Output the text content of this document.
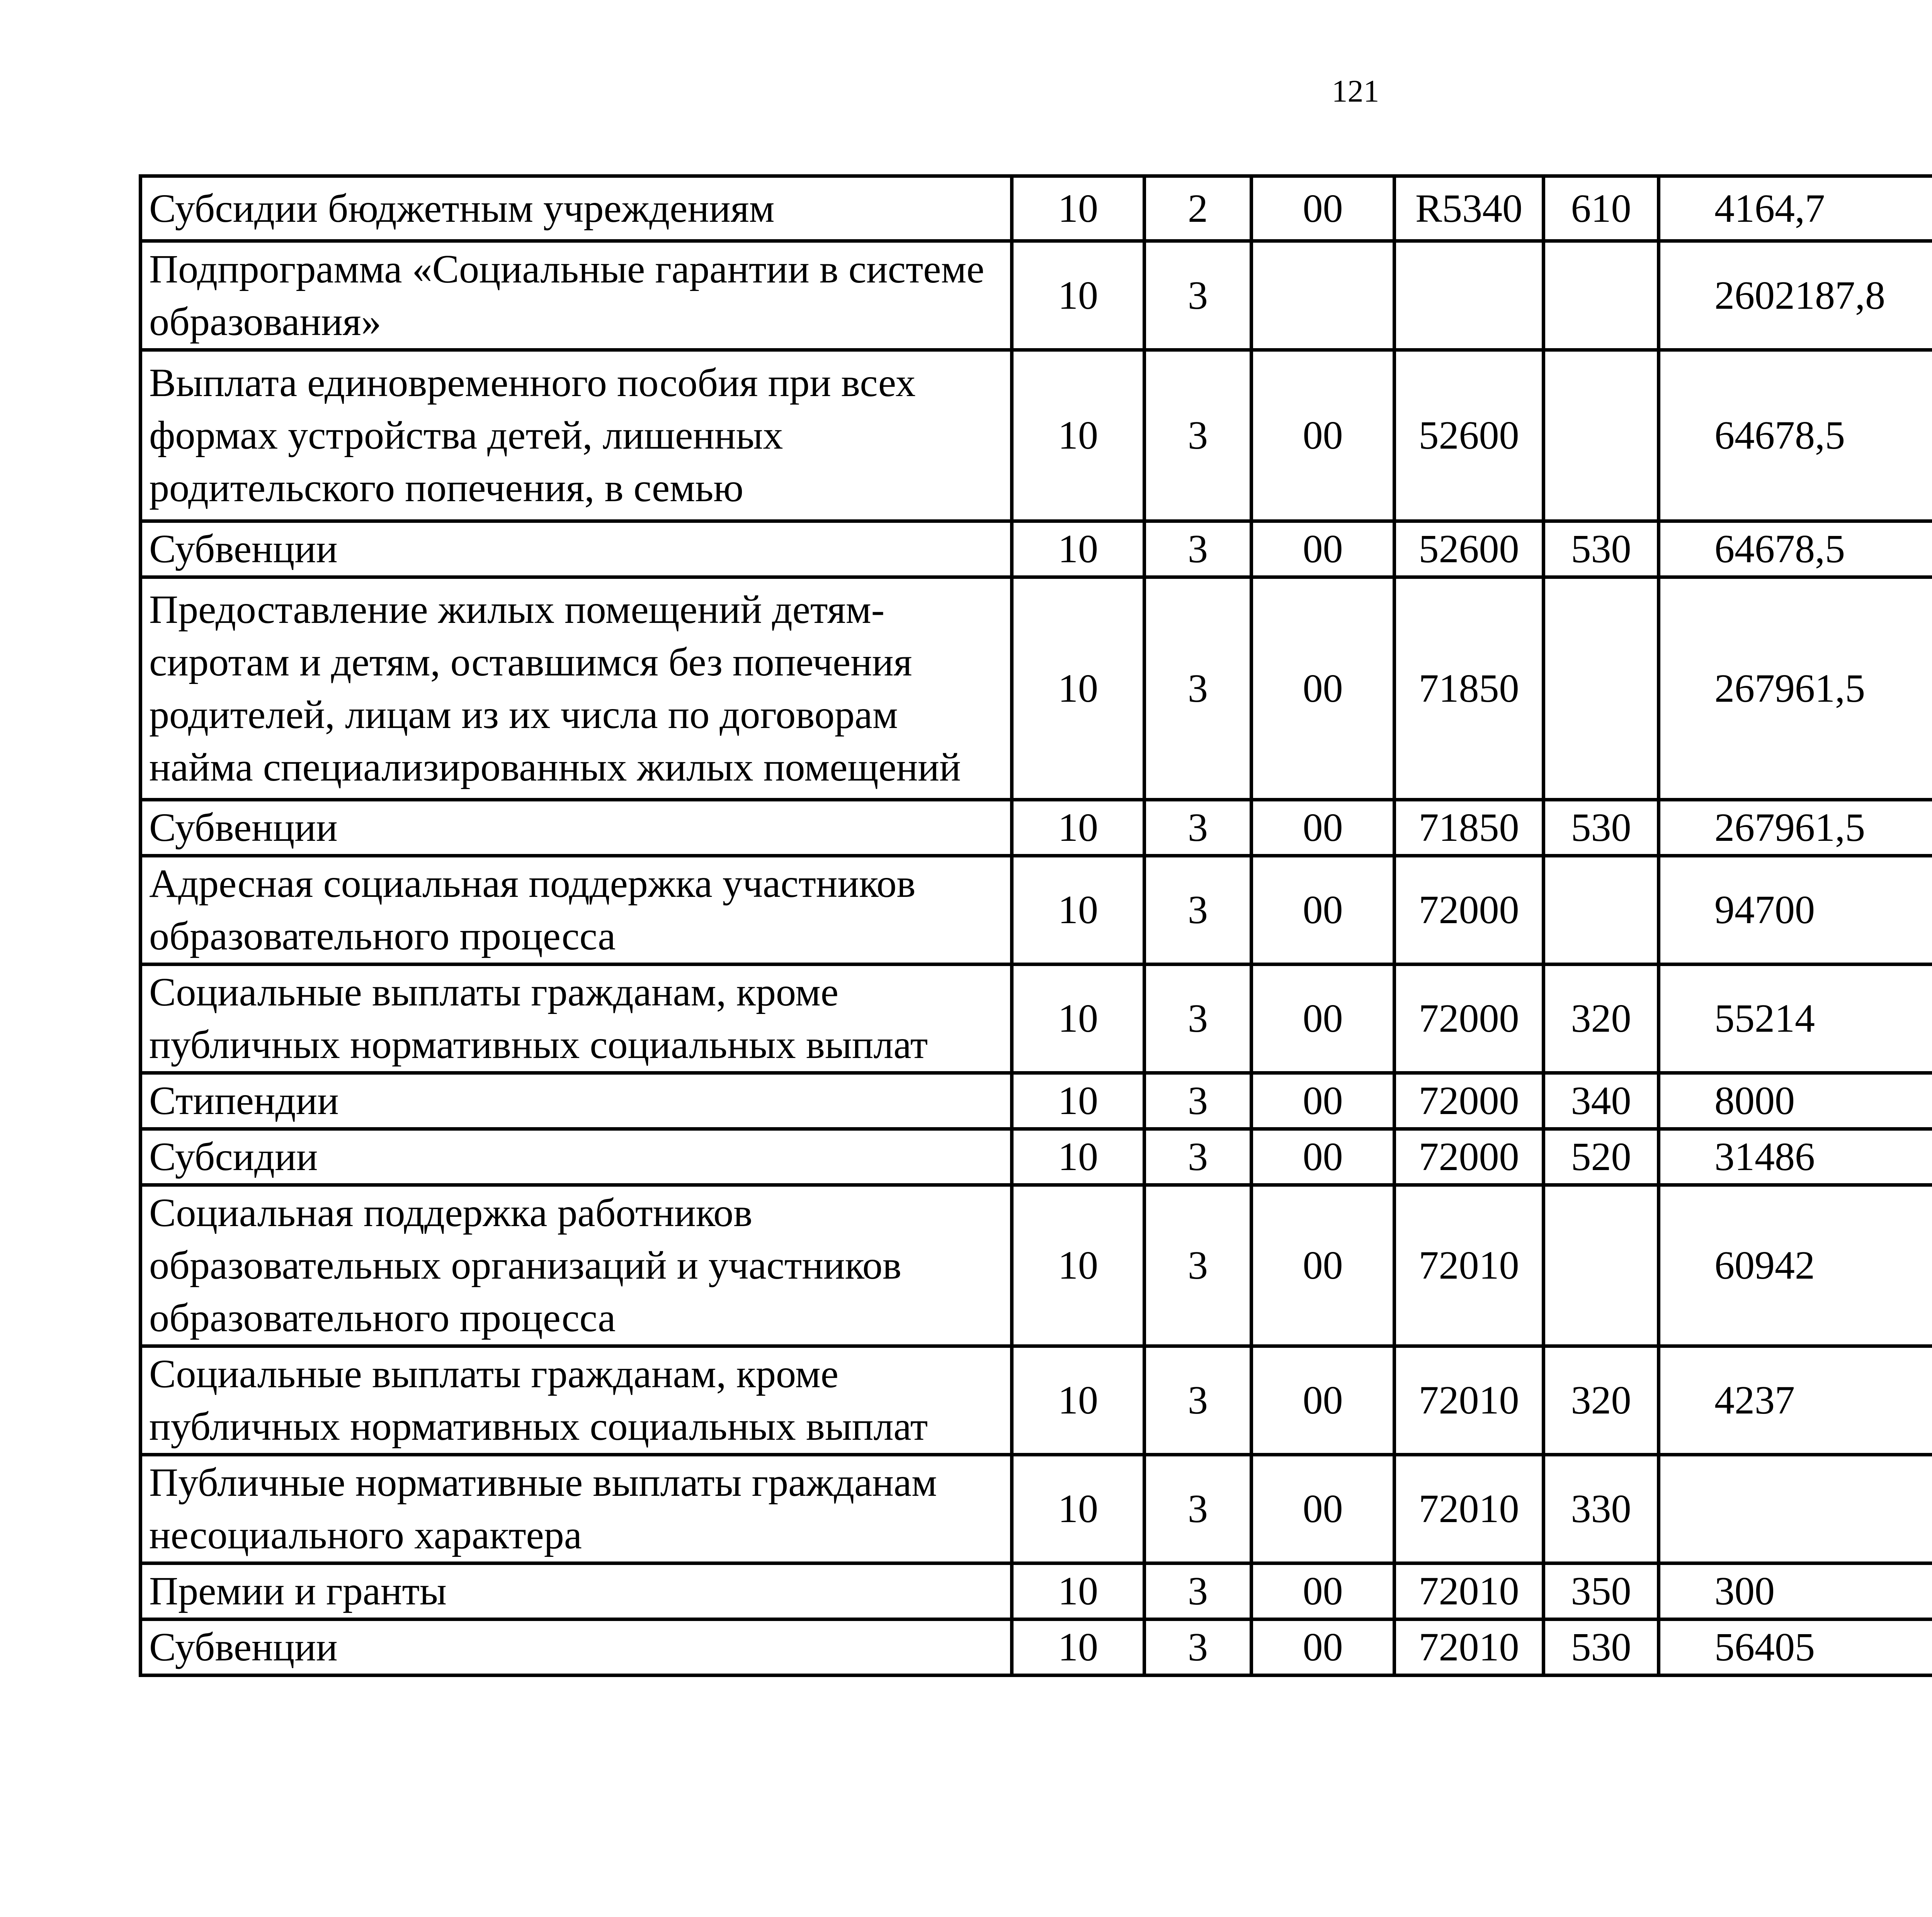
121
Субсидии бюджетным учреждениям	10	2	00	R5340	610	4164,7		
Подпрограмма «Социальные гарантии в системе образования»	10	3				2602187,8		
Выплата единовременного пособия при всех формах устройства детей, лишенных родительского попечения, в семью	10	3	00	52600		64678,5		
Субвенции	10	3	00	52600	530	64678,5		
Предоставление жилых помещений детям-сиротам и детям, оставшимся без попечения родителей, лицам из их числа по договорам найма специализированных жилых помещений	10	3	00	71850		267961,5		
Субвенции	10	3	00	71850	530	267961,5		
Адресная социальная поддержка участников образовательного процесса	10	3	00	72000		94700		
Социальные выплаты гражданам, кроме публичных нормативных социальных выплат	10	3	00	72000	320	55214		
Стипендии	10	3	00	72000	340	8000		
Субсидии	10	3	00	72000	520	31486		
Социальная поддержка работников образовательных организаций и участников образовательного процесса	10	3	00	72010		60942		
Социальные выплаты гражданам, кроме публичных нормативных социальных выплат	10	3	00	72010	320	4237		
Публичные нормативные выплаты гражданам несоциального характера	10	3	00	72010	330			
Премии и гранты	10	3	00	72010	350	300		
Субвенции	10	3	00	72010	530	56405		
